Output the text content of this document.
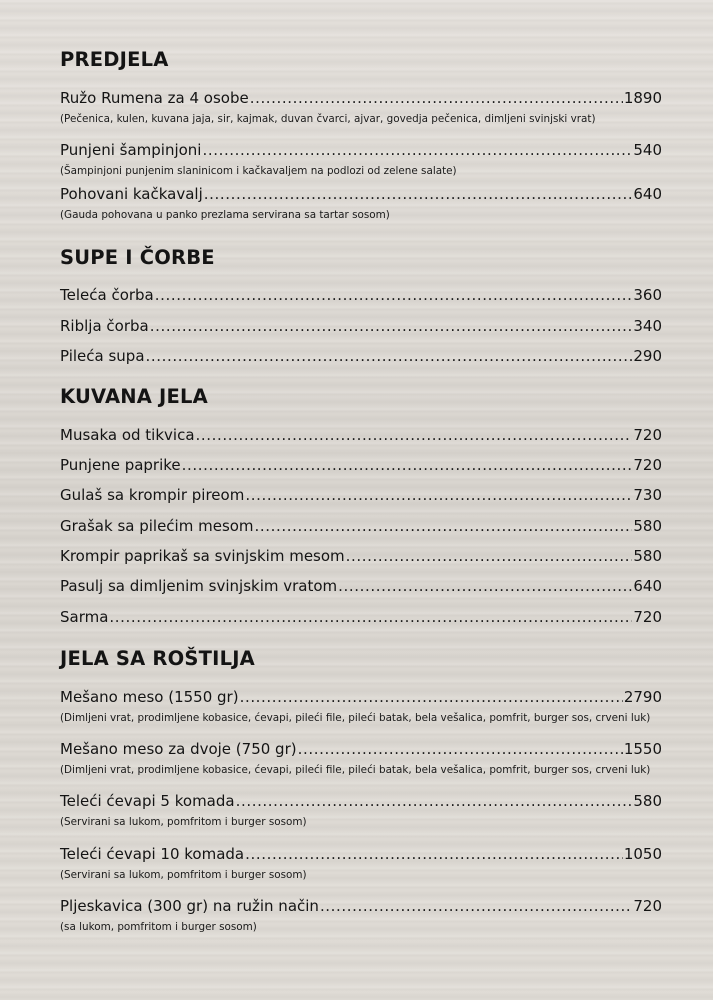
PREDJELA
Ružo Rumena za 4 osobe .....	1890
(Pečenica, kulen, kuvana jaja, sir, kajmak, duvan čvarci, ajvar, govedja pečenica, dimljeni svinjski vrat)
Punjeni šampinjoni .....	540
(Šampinjoni punjenim slaninicom i kačkavaljem na podlozi od zelene salate)
Pohovani kačkavalj .....	640
(Gauda pohovana u panko prezlama servirana sa tartar sosom)
SUPE I ČORBE
Teleća čorba .....	360
Riblja čorba .....	340
Pileća supa .....	290
KUVANA JELA
Musaka od tikvica .....	720
Punjene paprike .....	720
Gulaš sa krompir pireom .....	730
Grašak sa pilećim mesom .....	580
Krompir paprikaš sa svinjskim mesom .....	580
Pasulj sa dimljenim svinjskim vratom .....	640
Sarma .....	720
JELA SA ROŠTILJA
Mešano meso (1550 gr) .....	2790
(Dimljeni vrat, prodimljene kobasice, ćevapi, pileći file, pileći batak, bela vešalica, pomfrit, burger sos, crveni luk)
Mešano meso za dvoje (750 gr) .....	1550
(Dimljeni vrat, prodimljene kobasice, ćevapi, pileći file, pileći batak, bela vešalica, pomfrit, burger sos, crveni luk)
Teleći ćevapi 5 komada .....	580
(Servirani sa lukom, pomfritom i burger sosom)
Teleći ćevapi 10 komada .....	1050
(Servirani sa lukom, pomfritom i burger sosom)
Pljeskavica (300 gr) na ružin način .....	720
(sa lukom, pomfritom i burger sosom)
